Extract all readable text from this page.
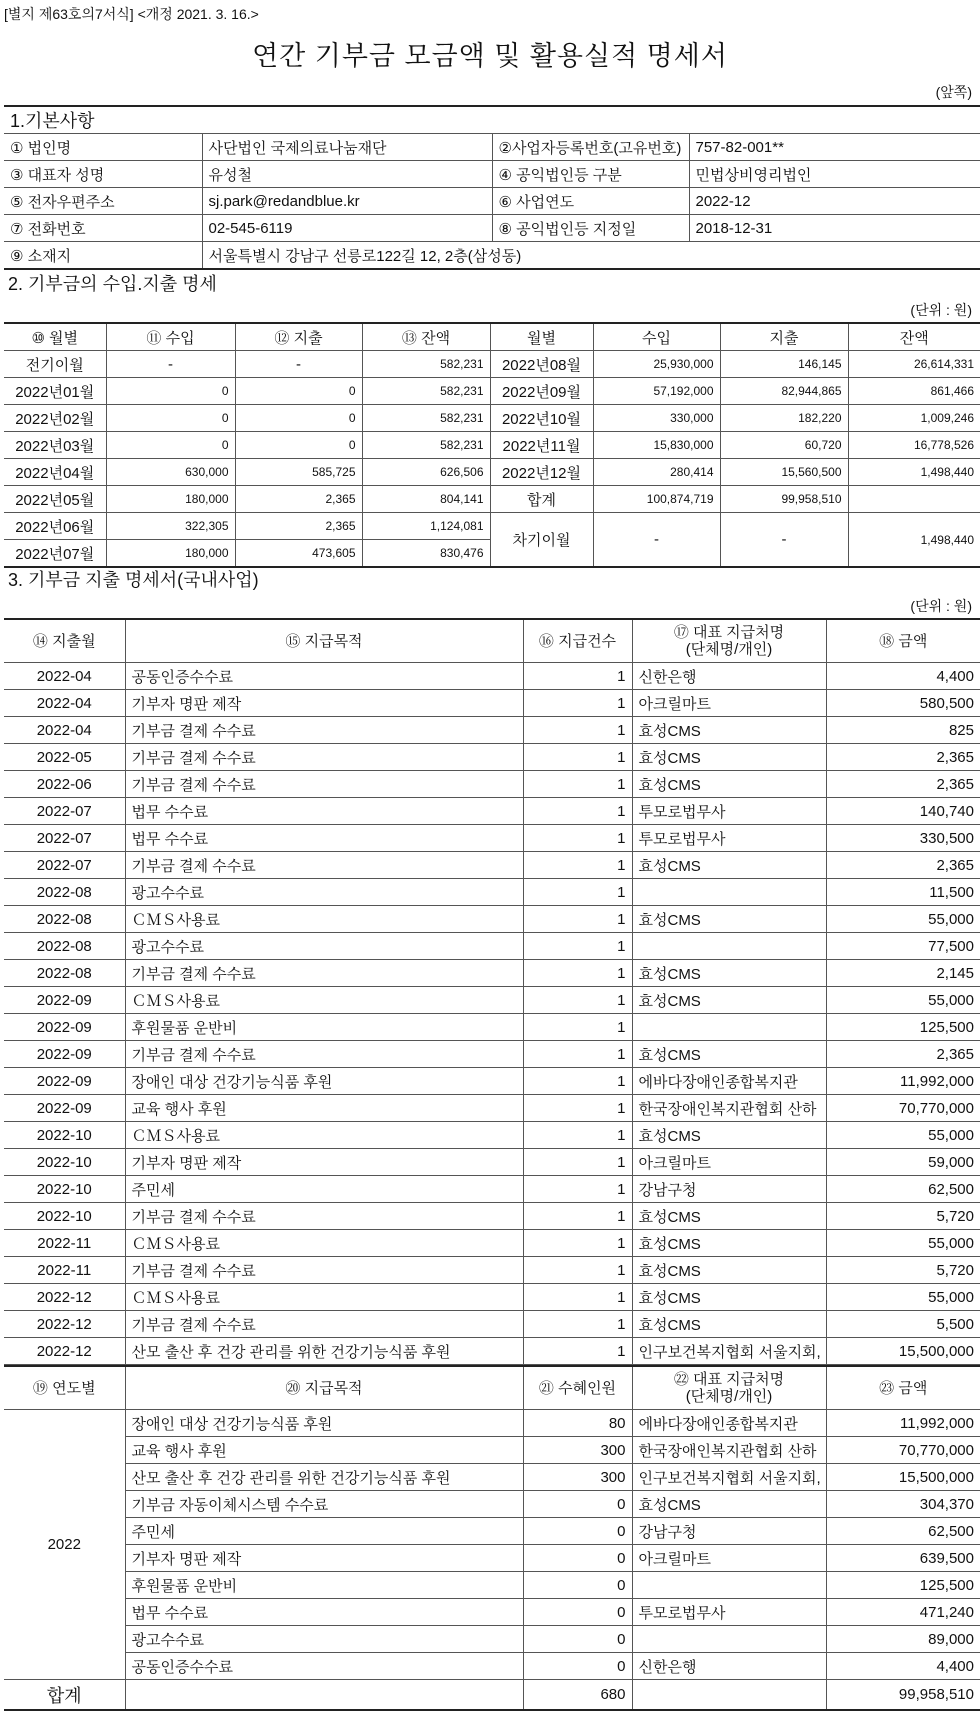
[별지 제63호의7서식] <개정 2021. 3. 16.>
연간 기부금 모금액 및 활용실적 명세서
(앞쪽)
1.기본사항			
① 법인명	사단법인 국제의료나눔재단	②사업자등록번호(고유번호)	757-82-001**
③ 대표자 성명	유성철	④ 공익법인등 구분	민법상비영리법인
⑤ 전자우편주소	sj.park@redandblue.kr	⑥ 사업연도	2022-12
⑦ 전화번호	02-545-6119	⑧ 공익법인등 지정일	2018-12-31
⑨ 소재지	서울특별시 강남구 선릉로122길 12, 2층(삼성동)		
2. 기부금의 수입.지출 명세
(단위 : 원)
⑩ 월별	⑪ 수입	⑫ 지출	⑬ 잔액	월별	수입	지출	잔액
전기이월	-	-	582,231	2022년08월	25,930,000	146,145	26,614,331
2022년01월	0	0	582,231	2022년09월	57,192,000	82,944,865	861,466
2022년02월	0	0	582,231	2022년10월	330,000	182,220	1,009,246
2022년03월	0	0	582,231	2022년11월	15,830,000	60,720	16,778,526
2022년04월	630,000	585,725	626,506	2022년12월	280,414	15,560,500	1,498,440
2022년05월	180,000	2,365	804,141	합계	100,874,719	99,958,510	
2022년06월	322,305	2,365	1,124,081	차기이월	-	-	1,498,440
2022년07월	180,000	473,605	830,476				
3. 기부금 지출 명세서(국내사업)
(단위 : 원)
⑭ 지출월	⑮ 지급목적	⑯ 지급건수	⑰ 대표 지급처명
(단체명/개인)	⑱ 금액
2022-04	공동인증수수료	1	신한은행	4,400
2022-04	기부자 명판 제작	1	아크릴마트	580,500
2022-04	기부금 결제 수수료	1	효성CMS	825
2022-05	기부금 결제 수수료	1	효성CMS	2,365
2022-06	기부금 결제 수수료	1	효성CMS	2,365
2022-07	법무 수수료	1	투모로법무사	140,740
2022-07	법무 수수료	1	투모로법무사	330,500
2022-07	기부금 결제 수수료	1	효성CMS	2,365
2022-08	광고수수료	1		11,500
2022-08	ＣＭＳ사용료	1	효성CMS	55,000
2022-08	광고수수료	1		77,500
2022-08	기부금 결제 수수료	1	효성CMS	2,145
2022-09	ＣＭＳ사용료	1	효성CMS	55,000
2022-09	후원물품 운반비	1		125,500
2022-09	기부금 결제 수수료	1	효성CMS	2,365
2022-09	장애인 대상 건강기능식품 후원	1	에바다장애인종합복지관	11,992,000
2022-09	교육 행사 후원	1	한국장애인복지관협회 산하	70,770,000
2022-10	ＣＭＳ사용료	1	효성CMS	55,000
2022-10	기부자 명판 제작	1	아크릴마트	59,000
2022-10	주민세	1	강남구청	62,500
2022-10	기부금 결제 수수료	1	효성CMS	5,720
2022-11	ＣＭＳ사용료	1	효성CMS	55,000
2022-11	기부금 결제 수수료	1	효성CMS	5,720
2022-12	ＣＭＳ사용료	1	효성CMS	55,000
2022-12	기부금 결제 수수료	1	효성CMS	5,500
2022-12	산모 출산 후 건강 관리를 위한 건강기능식품 후원	1	인구보건복지협회 서울지회,	15,500,000
⑲ 연도별	⑳ 지급목적	㉑ 수혜인원	㉒ 대표 지급처명
(단체명/개인)	㉓ 금액
2022	장애인 대상 건강기능식품 후원	80	에바다장애인종합복지관	11,992,000
	교육 행사 후원	300	한국장애인복지관협회 산하	70,770,000
	산모 출산 후 건강 관리를 위한 건강기능식품 후원	300	인구보건복지협회 서울지회,	15,500,000
	기부금 자동이체시스템 수수료	0	효성CMS	304,370
	주민세	0	강남구청	62,500
	기부자 명판 제작	0	아크릴마트	639,500
	후원물품 운반비	0		125,500
	법무 수수료	0	투모로법무사	471,240
	광고수수료	0		89,000
	공동인증수수료	0	신한은행	4,400
합계		680		99,958,510
